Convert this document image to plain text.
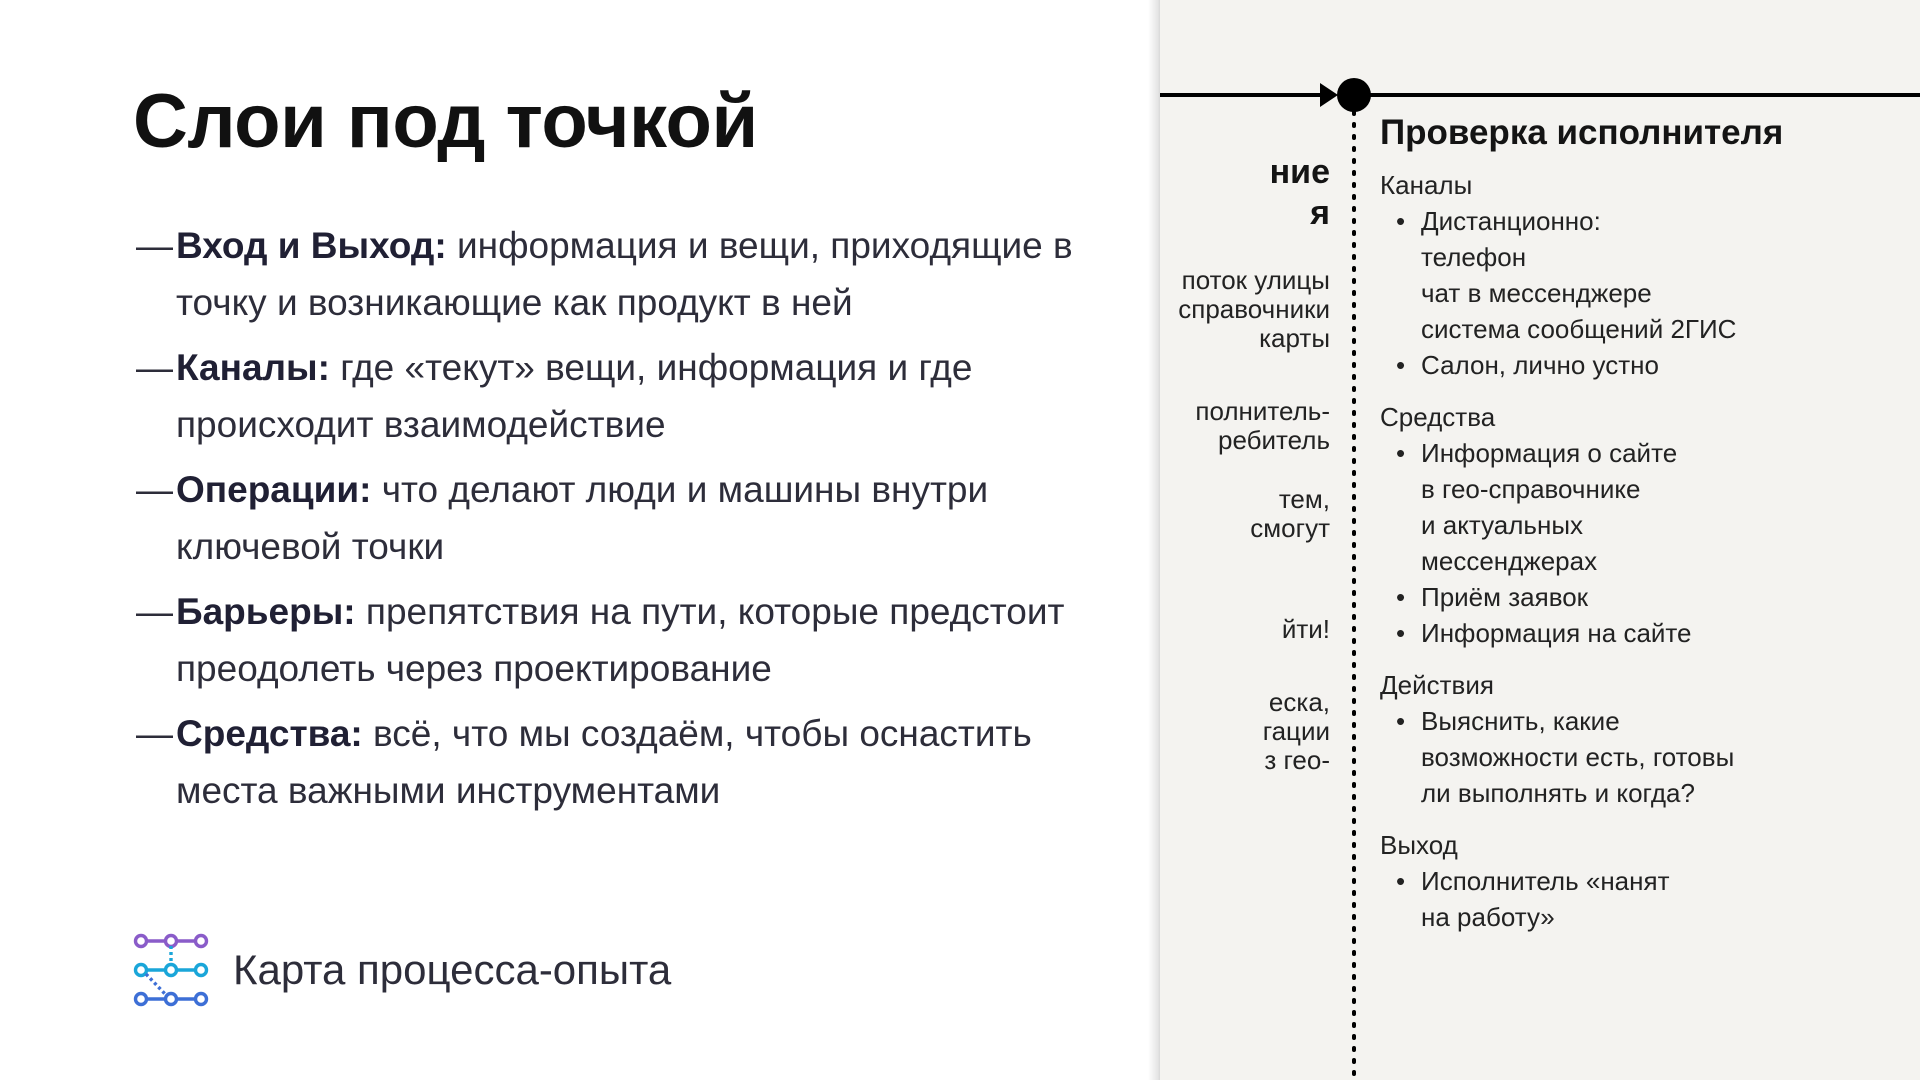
Слои под точкой
— Вход и Выход: информация и вещи, приходящие в точку и возникающие как продукт в ней
— Каналы: где «текут» вещи, информация и где происходит взаимодействие
— Операции: что делают люди и машины внутри ключевой точки
— Барьеры: препятствия на пути, которые предстоит преодолеть через проектирование
— Средства: всё, что мы создаём, чтобы оснастить места важными инструментами
Карта процесса-опыта
ние
я
поток улицы
справочники
карты
полнитель-
ребитель
тем,
смогут
йти!
еска,
гации
з гео-
Проверка исполнителя
Каналы
• Дистанционно:
телефон
чат в мессенджере
система сообщений 2ГИС
• Салон, лично устно
Средства
• Информация о сайте
в гео-справочнике
и актуальных
мессенджерах
• Приём заявок
• Информация на сайте
Действия
• Выяснить, какие
возможности есть, готовы
ли выполнять и когда?
Выход
• Исполнитель «нанят
на работу»
